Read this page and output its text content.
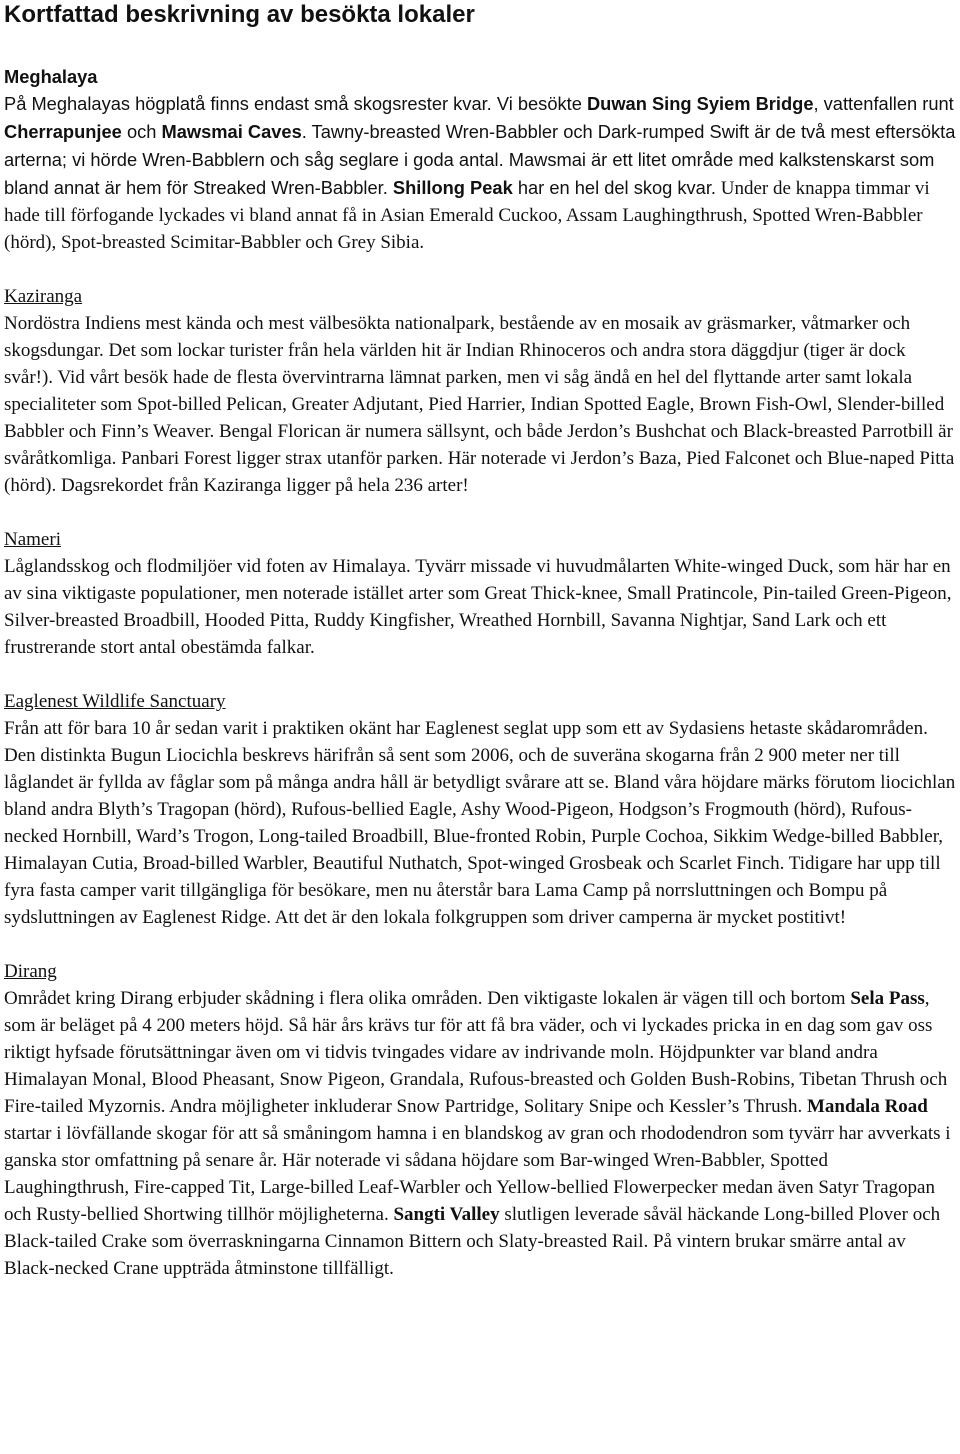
Kortfattad beskrivning av besökta lokaler
Meghalaya

På Meghalayas högplatå finns endast små skogsrester kvar. Vi besökte Duwan Sing Syiem Bridge, vattenfallen runt Cherrapunjee och Mawsmai Caves. Tawny-breasted Wren-Babbler och Dark-rumped Swift är de två mest eftersökta arterna; vi hörde Wren-Babblern och såg seglare i goda antal. Mawsmai är ett litet område med kalkstenskarst som bland annat är hem för Streaked Wren-Babbler. Shillong Peak har en hel del skog kvar. Under de knappa timmar vi hade till förfogande lyckades vi bland annat få in Asian Emerald Cuckoo, Assam Laughingthrush, Spotted Wren-Babbler (hörd), Spot-breasted Scimitar-Babbler och Grey Sibia.

Kaziranga

Nordöstra Indiens mest kända och mest välbesökta nationalpark, bestående av en mosaik av gräsmarker, våtmarker och skogsdungar. Det som lockar turister från hela världen hit är Indian Rhinoceros och andra stora däggdjur (tiger är dock svår!). Vid vårt besök hade de flesta övervintrarna lämnat parken, men vi såg ändå en hel del flyttande arter samt lokala specialiteter som Spot-billed Pelican, Greater Adjutant, Pied Harrier, Indian Spotted Eagle, Brown Fish-Owl, Slender-billed Babbler och Finn’s Weaver. Bengal Florican är numera sällsynt, och både Jerdon’s Bushchat och Black-breasted Parrotbill är svåråtkomliga. Panbari Forest ligger strax utanför parken. Här noterade vi Jerdon’s Baza, Pied Falconet och Blue-naped Pitta (hörd). Dagsrekordet från Kaziranga ligger på hela 236 arter!

Nameri

Låglandsskog och flodmiljöer vid foten av Himalaya. Tyvärr missade vi huvudmålarten White-winged Duck, som här har en av sina viktigaste populationer, men noterade istället arter som Great Thick-knee, Small Pratincole, Pin-tailed Green-Pigeon, Silver-breasted Broadbill, Hooded Pitta, Ruddy Kingfisher, Wreathed Hornbill, Savanna Nightjar, Sand Lark och ett frustrerande stort antal obestämda falkar.

Eaglenest Wildlife Sanctuary

Från att för bara 10 år sedan varit i praktiken okänt har Eaglenest seglat upp som ett av Sydasiens hetaste skådarområden. Den distinkta Bugun Liocichla beskrevs härifrån så sent som 2006, och de suveräna skogarna från 2 900 meter ner till låglandet är fyllda av fåglar som på många andra håll är betydligt svårare att se. Bland våra höjdare märks förutom liocichlan bland andra Blyth’s Tragopan (hörd), Rufous-bellied Eagle, Ashy Wood-Pigeon, Hodgson’s Frogmouth (hörd), Rufous-necked Hornbill, Ward’s Trogon, Long-tailed Broadbill, Blue-fronted Robin, Purple Cochoa, Sikkim Wedge-billed Babbler, Himalayan Cutia, Broad-billed Warbler, Beautiful Nuthatch, Spot-winged Grosbeak och Scarlet Finch. Tidigare har upp till fyra fasta camper varit tillgängliga för besökare, men nu återstår bara Lama Camp på norrsluttningen och Bompu på sydsluttningen av Eaglenest Ridge. Att det är den lokala folkgruppen som driver camperna är mycket postitivt!

Dirang

Området kring Dirang erbjuder skådning i flera olika områden. Den viktigaste lokalen är vägen till och bortom Sela Pass, som är beläget på 4 200 meters höjd. Så här års krävs tur för att få bra väder, och vi lyckades pricka in en dag som gav oss riktigt hyfsade förutsättningar även om vi tidvis tvingades vidare av indrivande moln. Höjdpunkter var bland andra Himalayan Monal, Blood Pheasant, Snow Pigeon, Grandala, Rufous-breasted och Golden Bush-Robins, Tibetan Thrush och Fire-tailed Myzornis. Andra möjligheter inkluderar Snow Partridge, Solitary Snipe och Kessler’s Thrush. Mandala Road startar i lövfällande skogar för att så småningom hamna i en blandskog av gran och rhododendron som tyvärr har avverkats i ganska stor omfattning på senare år. Här noterade vi sådana höjdare som Bar-winged Wren-Babbler, Spotted Laughingthrush, Fire-capped Tit, Large-billed Leaf-Warbler och Yellow-bellied Flowerpecker medan även Satyr Tragopan och Rusty-bellied Shortwing tillhör möjligheterna. Sangti Valley slutligen leverade såväl häckande Long-billed Plover och Black-tailed Crake som överraskningarna Cinnamon Bittern och Slaty-breasted Rail. På vintern brukar smärre antal av Black-necked Crane uppträda åtminstone tillfälligt.
